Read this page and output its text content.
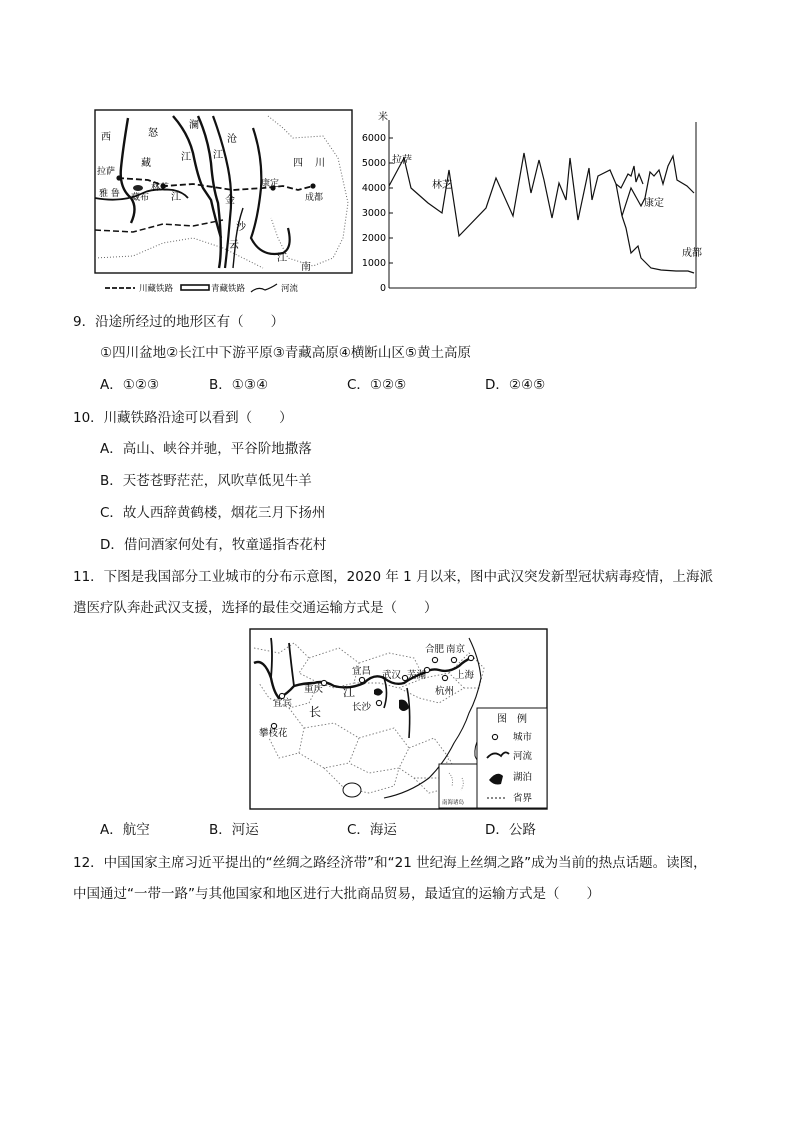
西	怒
澜
江
沧
江
四 川
拉萨
藏
雅 鲁 藏布 江
林芝	康定
成都
金
沙
云
江
南
川藏铁路	青藏铁路	河流
米
6000
5000
4000
3000
2000
1000
0
拉萨
林芝
康定
成都
9．沿途所经过的地形区有（　　）
①四川盆地②长江中下游平原③青藏高原④横断山区⑤黄土高原
A．①②③	B．①③④	C．①②⑤	D．②④⑤
10．川藏铁路沿途可以看到（　　）
A．高山、峡谷并驰，平谷阶地撒落
B．天苍苍野茫茫，风吹草低见牛羊
C．故人西辞黄鹤楼，烟花三月下扬州
D．借问酒家何处有，牧童遥指杏花村
11．下图是我国部分工业城市的分布示意图，2020 年 1 月以来，图中武汉突发新型冠状病毒疫情，上海派
遣医疗队奔赴武汉支援，选择的最佳交通运输方式是（　　）
合肥 南京
宜昌 武汉 芜湖	上海
重庆 江	杭州
宜宾
长	长沙
攀枝花
南海诸岛
图　例
城市
河流
湖泊
省界
A．航空	B．河运	C．海运	D．公路
12．中国国家主席习近平提出的“丝绸之路经济带”和“21 世纪海上丝绸之路”成为当前的热点话题。读图，
中国通过“一带一路”与其他国家和地区进行大批商品贸易，最适宜的运输方式是（　　）
